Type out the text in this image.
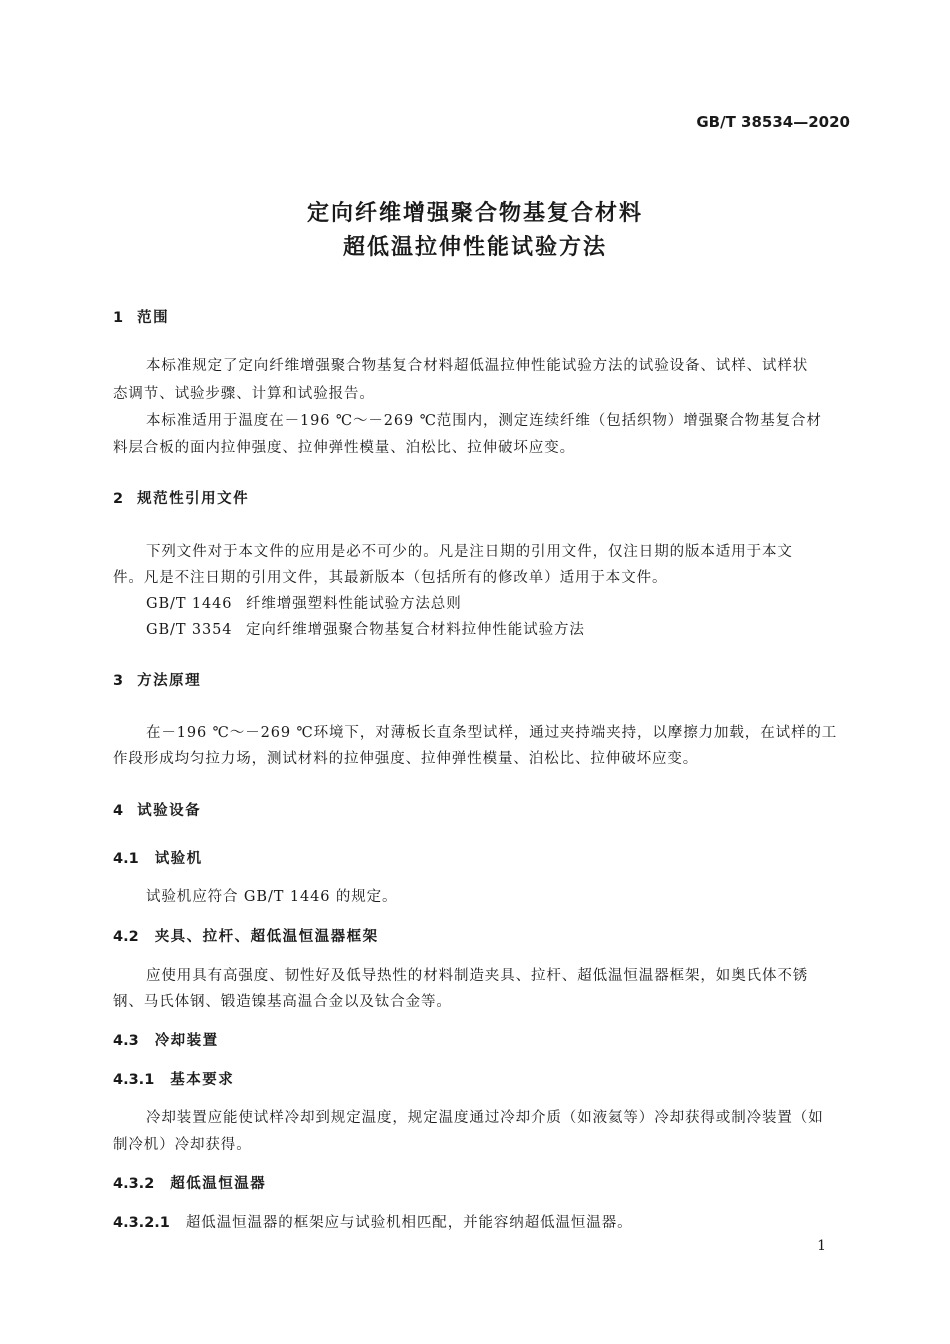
GB/T 38534—2020
定向纤维增强聚合物基复合材料
超低温拉伸性能试验方法
1 范围
本标准规定了定向纤维增强聚合物基复合材料超低温拉伸性能试验方法的试验设备、试样、试样状
态调节、试验步骤、计算和试验报告。
本标准适用于温度在－196 ℃～－269 ℃范围内，测定连续纤维（包括织物）增强聚合物基复合材
料层合板的面内拉伸强度、拉伸弹性模量、泊松比、拉伸破坏应变。
2 规范性引用文件
下列文件对于本文件的应用是必不可少的。凡是注日期的引用文件，仅注日期的版本适用于本文
件。凡是不注日期的引用文件，其最新版本（包括所有的修改单）适用于本文件。
GB/T 1446 纤维增强塑料性能试验方法总则
GB/T 3354 定向纤维增强聚合物基复合材料拉伸性能试验方法
3 方法原理
在－196 ℃～－269 ℃环境下，对薄板长直条型试样，通过夹持端夹持，以摩擦力加载，在试样的工
作段形成均匀拉力场，测试材料的拉伸强度、拉伸弹性模量、泊松比、拉伸破坏应变。
4 试验设备
4.1 试验机
试验机应符合 GB/T 1446 的规定。
4.2 夹具、拉杆、超低温恒温器框架
应使用具有高强度、韧性好及低导热性的材料制造夹具、拉杆、超低温恒温器框架，如奥氏体不锈
钢、马氏体钢、锻造镍基高温合金以及钛合金等。
4.3 冷却装置
4.3.1 基本要求
冷却装置应能使试样冷却到规定温度，规定温度通过冷却介质（如液氦等）冷却获得或制冷装置（如
制冷机）冷却获得。
4.3.2 超低温恒温器
4.3.2.1 超低温恒温器的框架应与试验机相匹配，并能容纳超低温恒温器。
1
